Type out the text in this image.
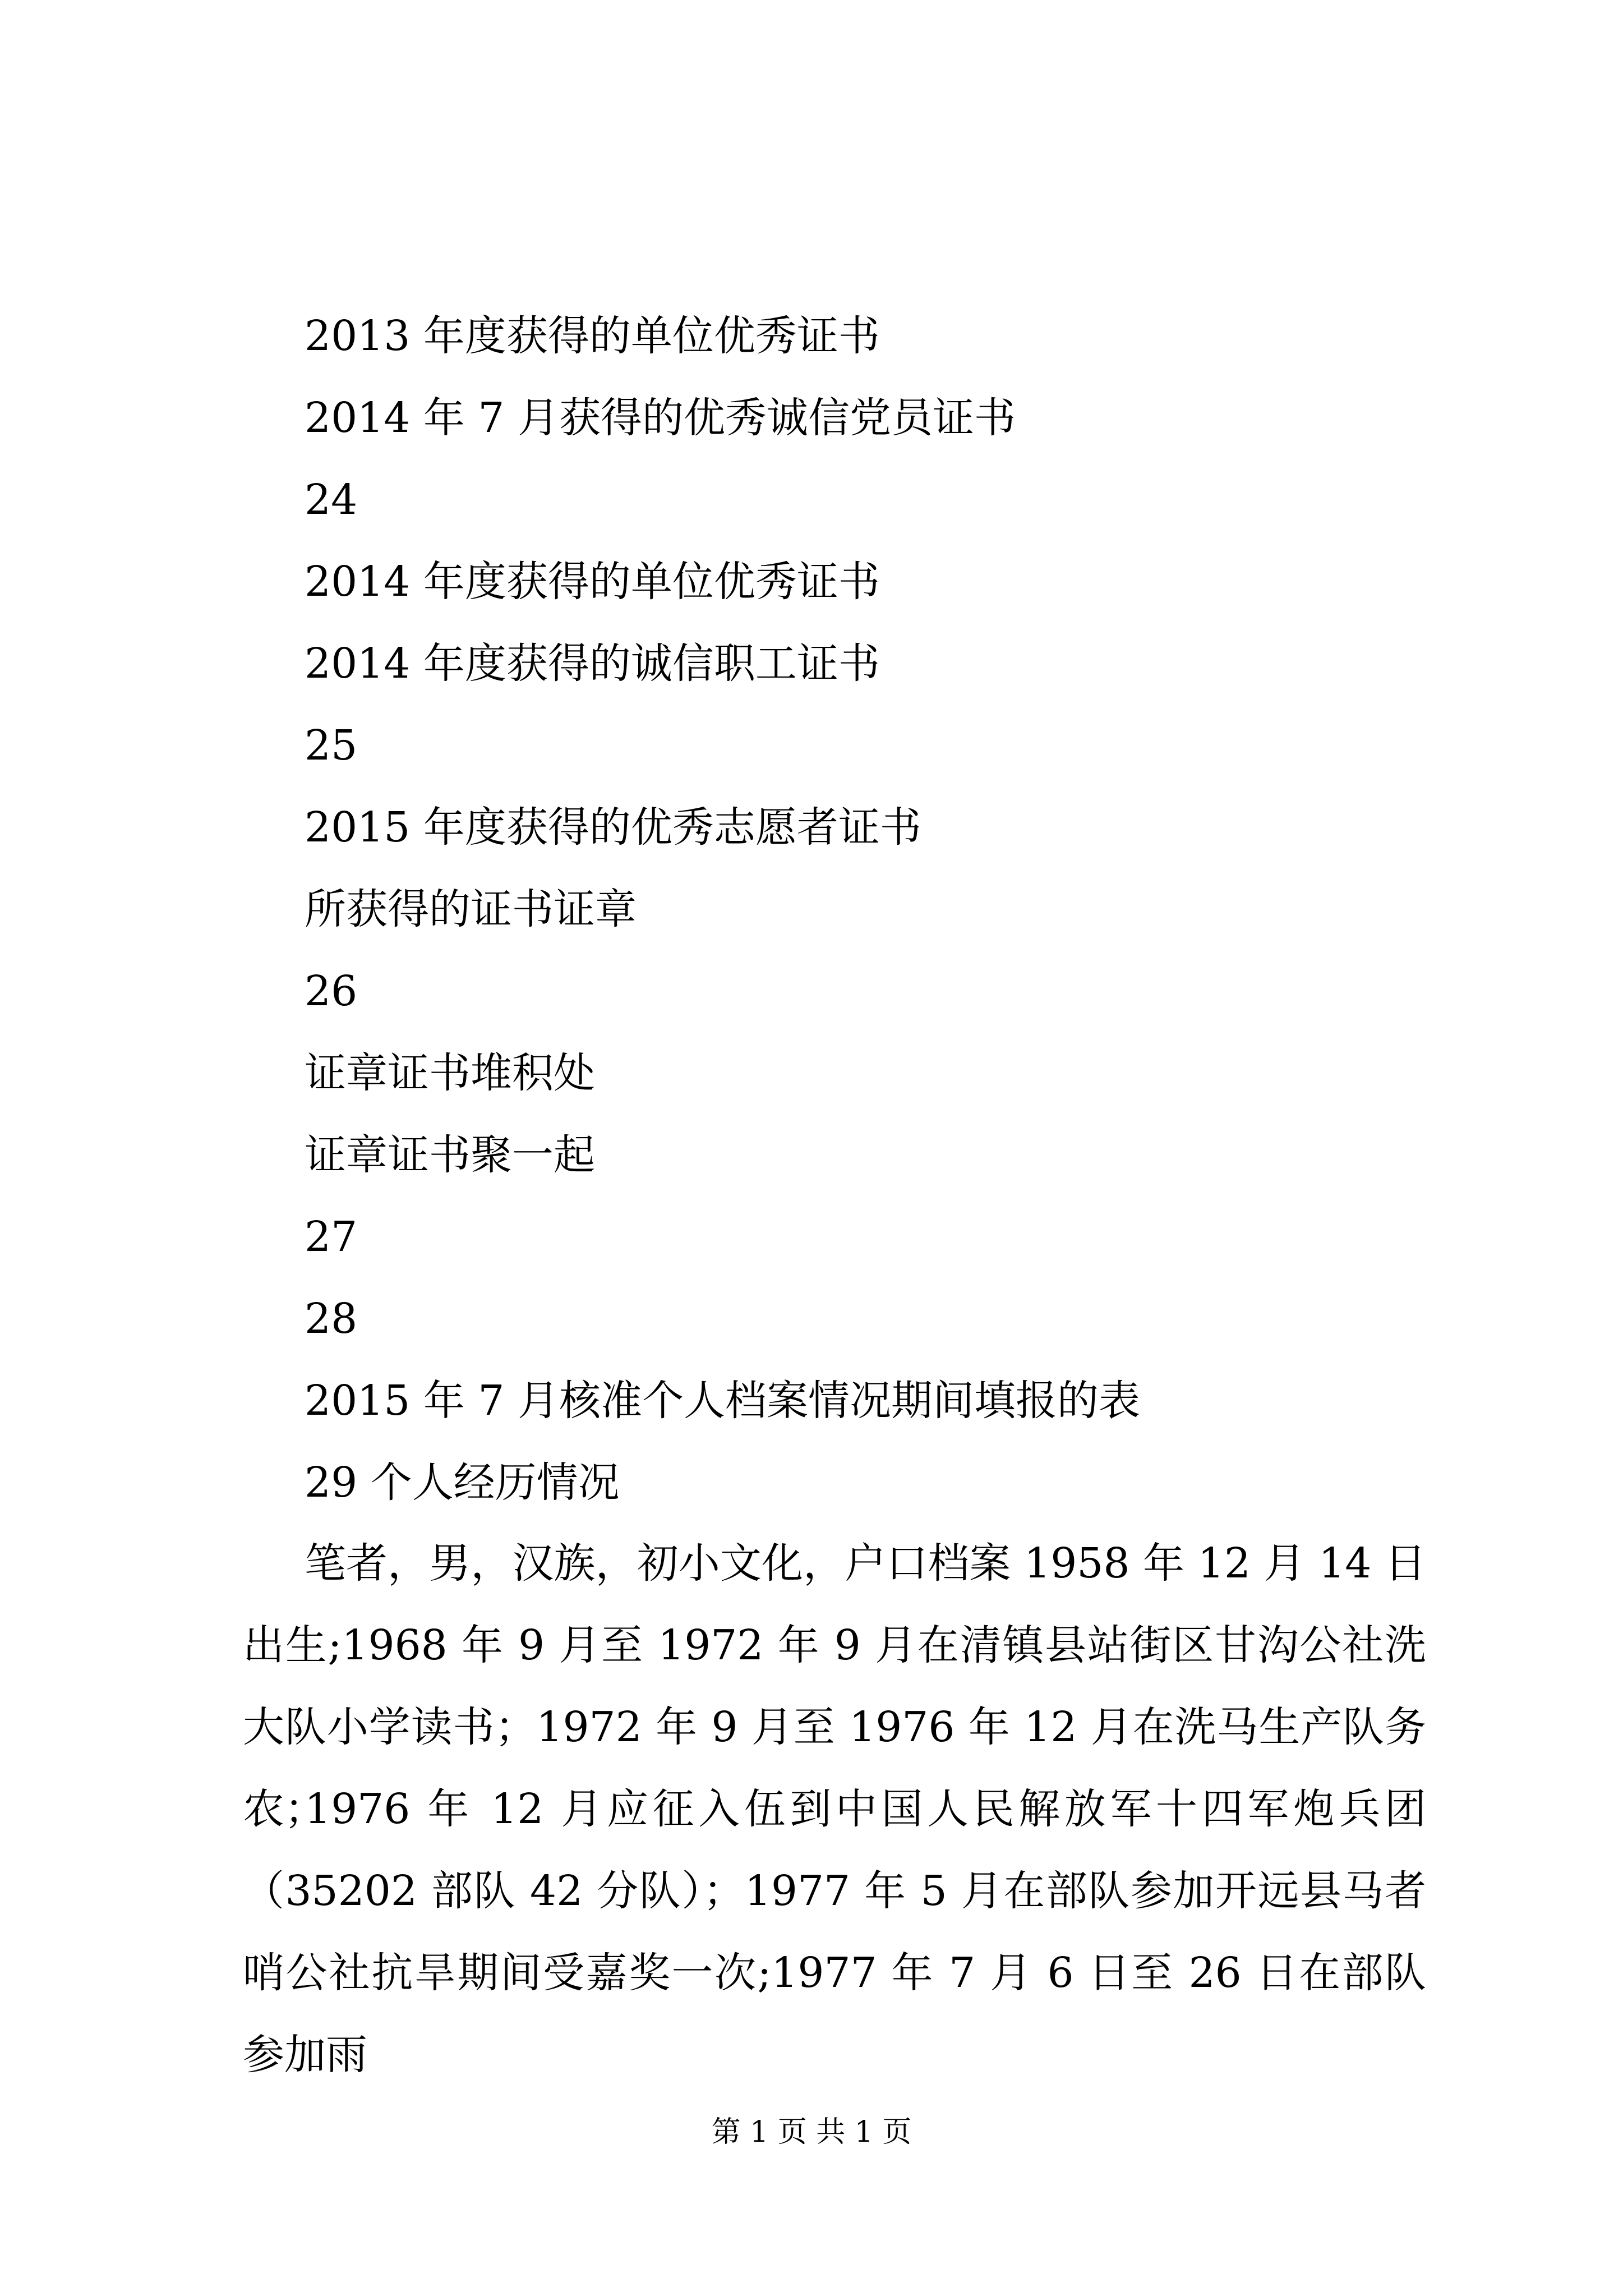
2013 年度获得的单位优秀证书
2014 年 7 月获得的优秀诚信党员证书
24
2014 年度获得的单位优秀证书
2014 年度获得的诚信职工证书
25
2015 年度获得的优秀志愿者证书
所获得的证书证章
26
证章证书堆积处
证章证书聚一起
27
28
2015 年 7 月核准个人档案情况期间填报的表
29 个人经历情况
笔者，男，汉族，初小文化，户口档案 1958 年 12 月 14 日出生;1968 年 9 月至 1972 年 9 月在清镇县站街区甘沟公社洗大队小学读书；1972 年 9 月至 1976 年 12 月在洗马生产队务农；
1976 年 12 月应征入伍到中国人民解放军十四军炮兵团（35202 部队 42 分队）；1977 年 5 月在部队参加开远县马者哨公社抗旱期间受嘉奖一次;1977 年 7 月 6 日至 26 日在部队参加雨
第 1 页 共 1 页
